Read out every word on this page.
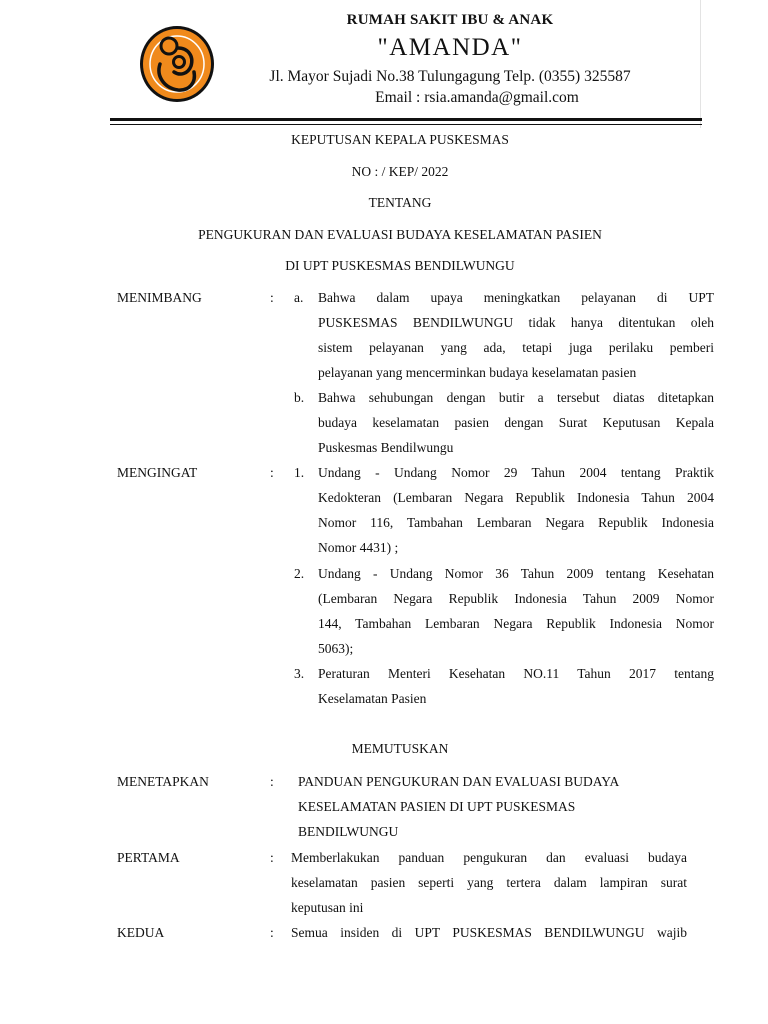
RUMAH SAKIT IBU & ANAK
"AMANDA"
Jl. Mayor Sujadi No.38 Tulungagung Telp. (0355) 325587
Email : rsia.amanda@gmail.com
KEPUTUSAN KEPALA PUSKESMAS
NO : / KEP/ 2022
TENTANG
PENGUKURAN DAN EVALUASI BUDAYA KESELAMATAN PASIEN
DI UPT PUSKESMAS BENDILWUNGU
MENIMBANG	: a. Bahwa dalam upaya meningkatkan pelayanan di UPT
PUSKESMAS BENDILWUNGU tidak hanya ditentukan oleh
sistem pelayanan yang ada, tetapi juga perilaku pemberi
pelayanan yang mencerminkan budaya keselamatan pasien
b. Bahwa sehubungan dengan butir a tersebut diatas ditetapkan
budaya keselamatan pasien dengan Surat Keputusan Kepala
Puskesmas Bendilwungu
MENGINGAT	: 1. Undang - Undang Nomor 29 Tahun 2004 tentang Praktik
Kedokteran (Lembaran Negara Republik Indonesia Tahun 2004
Nomor 116, Tambahan Lembaran Negara Republik Indonesia
Nomor 4431) ;
2. Undang - Undang Nomor 36 Tahun 2009 tentang Kesehatan
(Lembaran Negara Republik Indonesia Tahun 2009 Nomor
144, Tambahan Lembaran Negara Republik Indonesia Nomor
5063);
3. Peraturan Menteri Kesehatan NO.11 Tahun 2017 tentang
Keselamatan Pasien
MEMUTUSKAN
MENETAPKAN	: PANDUAN PENGUKURAN DAN EVALUASI BUDAYA
KESELAMATAN PASIEN DI UPT PUSKESMAS
BENDILWUNGU
PERTAMA	: Memberlakukan panduan pengukuran dan evaluasi budaya
keselamatan pasien seperti yang tertera dalam lampiran surat
keputusan ini
KEDUA	: Semua insiden di UPT PUSKESMAS BENDILWUNGU wajib
